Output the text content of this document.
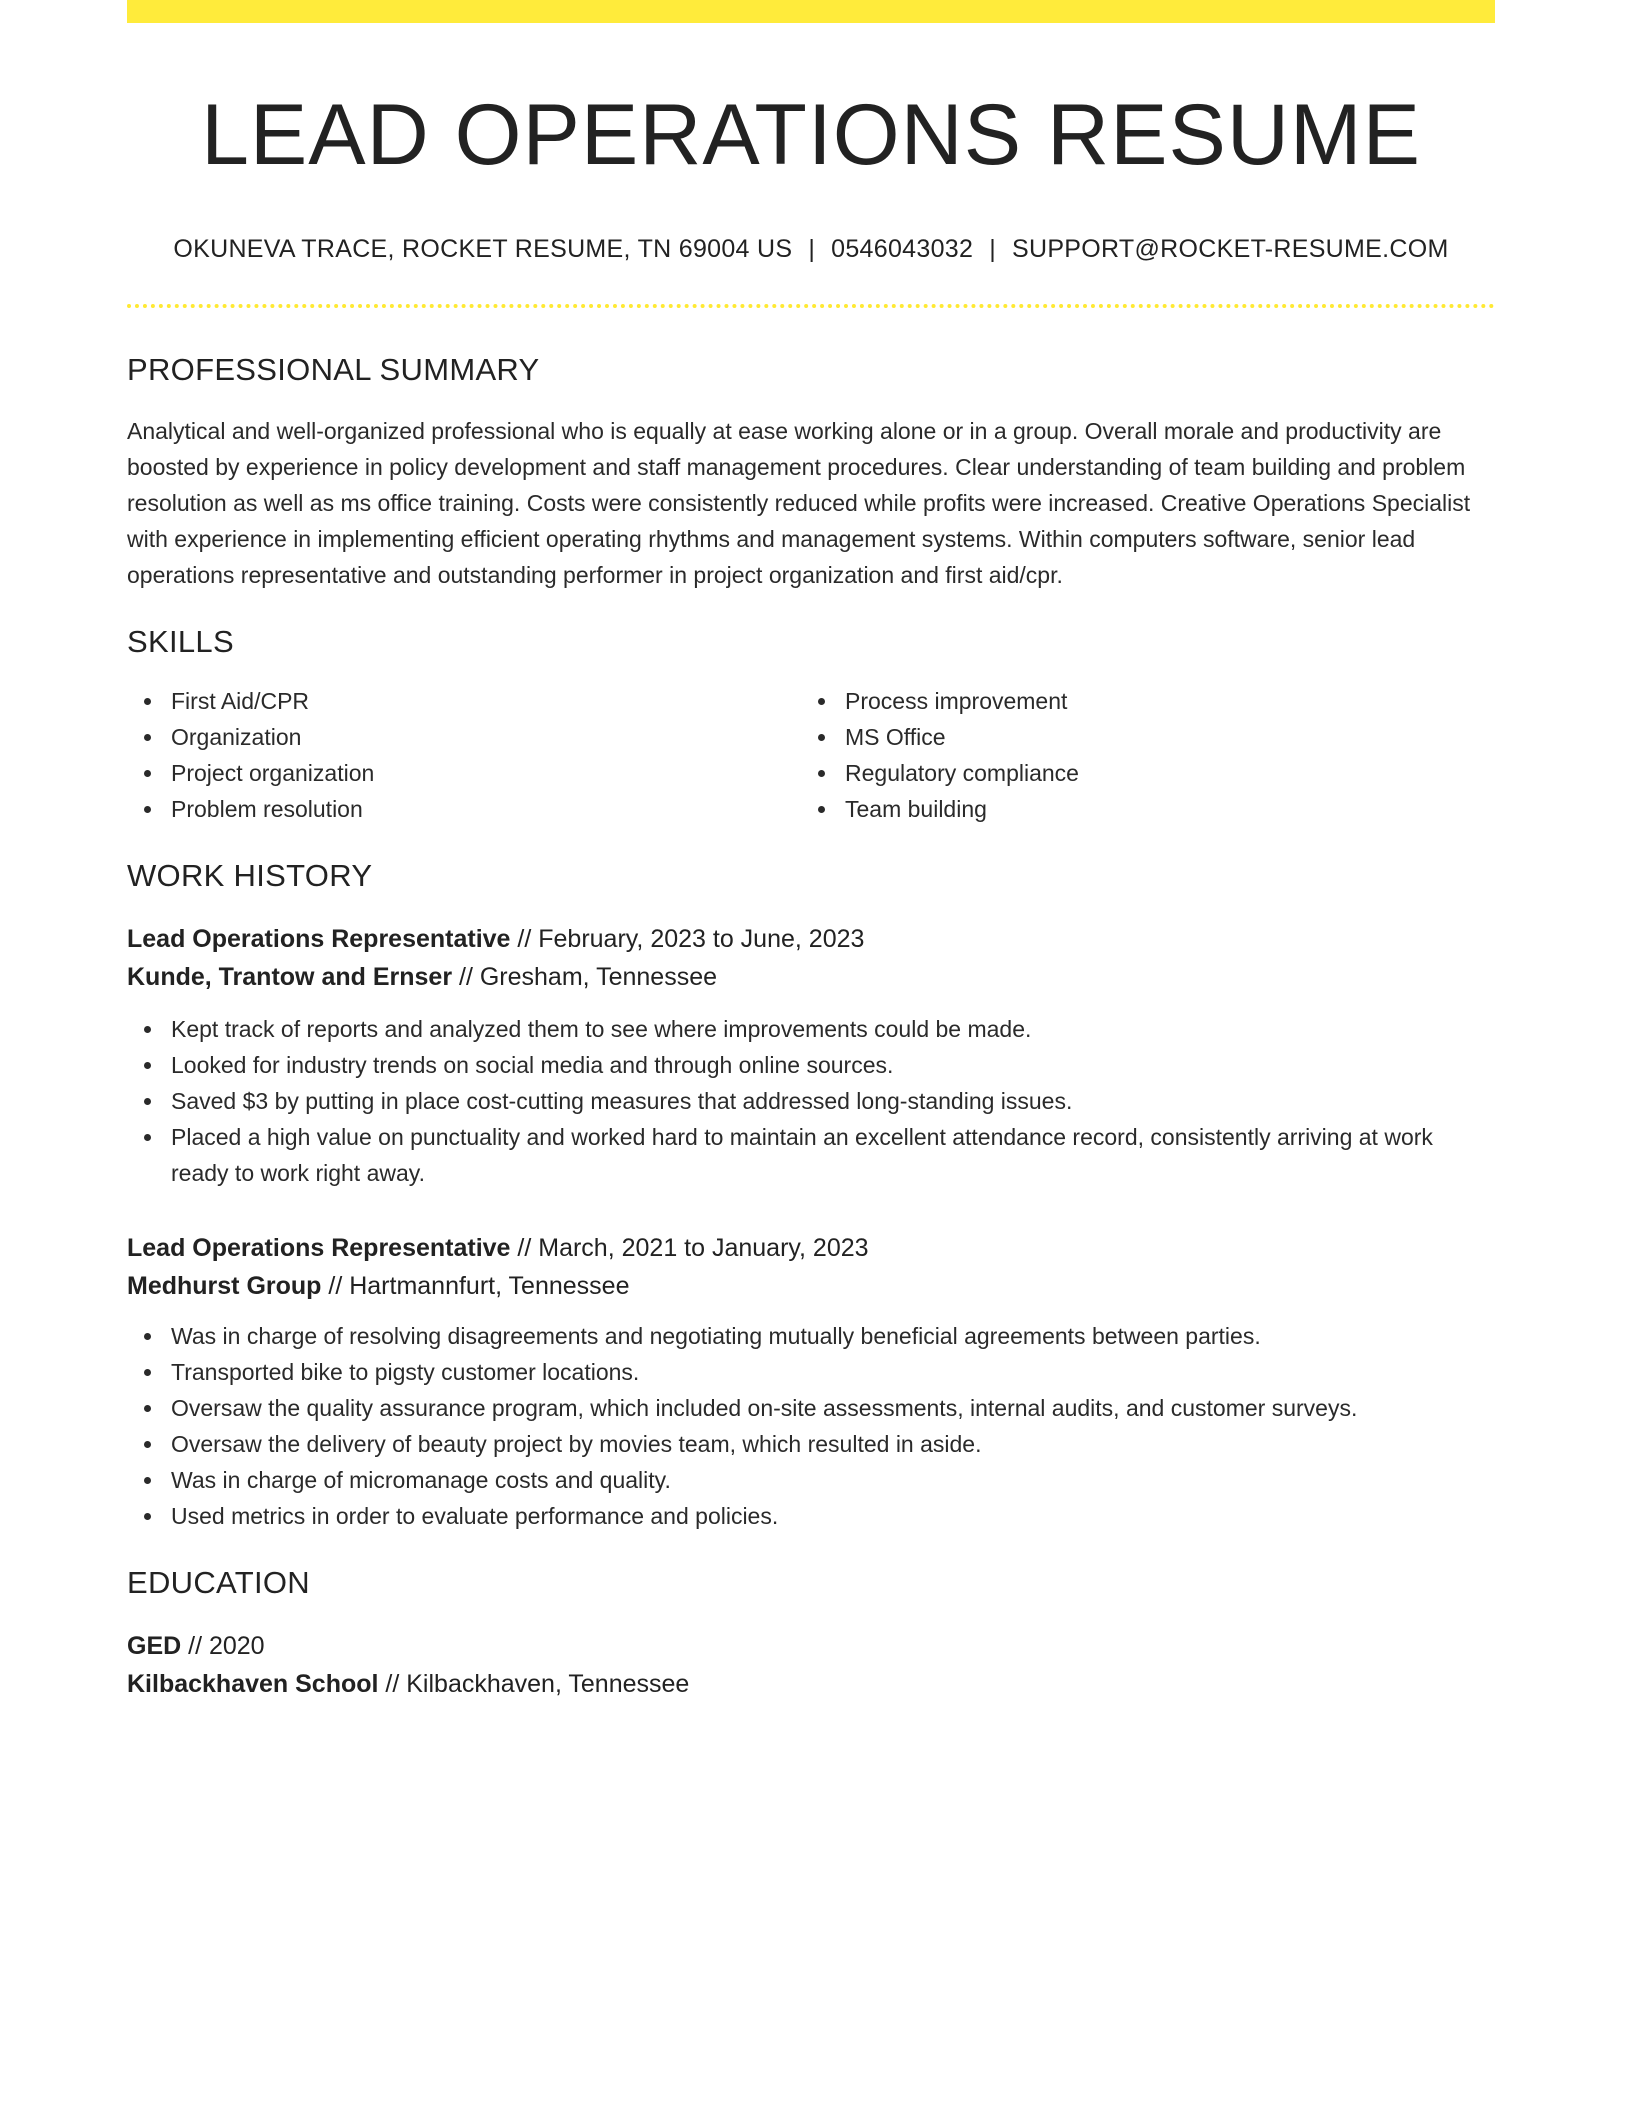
LEAD OPERATIONS RESUME
OKUNEVA TRACE, ROCKET RESUME, TN 69004 US | 0546043032 | SUPPORT@ROCKET-RESUME.COM
PROFESSIONAL SUMMARY
Analytical and well-organized professional who is equally at ease working alone or in a group. Overall morale and productivity are boosted by experience in policy development and staff management procedures. Clear understanding of team building and problem resolution as well as ms office training. Costs were consistently reduced while profits were increased. Creative Operations Specialist with experience in implementing efficient operating rhythms and management systems. Within computers software, senior lead operations representative and outstanding performer in project organization and first aid/cpr.
SKILLS
First Aid/CPR
Organization
Project organization
Problem resolution
Process improvement
MS Office
Regulatory compliance
Team building
WORK HISTORY
Lead Operations Representative // February, 2023 to June, 2023
Kunde, Trantow and Ernser // Gresham, Tennessee
Kept track of reports and analyzed them to see where improvements could be made.
Looked for industry trends on social media and through online sources.
Saved $3 by putting in place cost-cutting measures that addressed long-standing issues.
Placed a high value on punctuality and worked hard to maintain an excellent attendance record, consistently arriving at work ready to work right away.
Lead Operations Representative // March, 2021 to January, 2023
Medhurst Group // Hartmannfurt, Tennessee
Was in charge of resolving disagreements and negotiating mutually beneficial agreements between parties.
Transported bike to pigsty customer locations.
Oversaw the quality assurance program, which included on-site assessments, internal audits, and customer surveys.
Oversaw the delivery of beauty project by movies team, which resulted in aside.
Was in charge of micromanage costs and quality.
Used metrics in order to evaluate performance and policies.
EDUCATION
GED // 2020
Kilbackhaven School // Kilbackhaven, Tennessee
